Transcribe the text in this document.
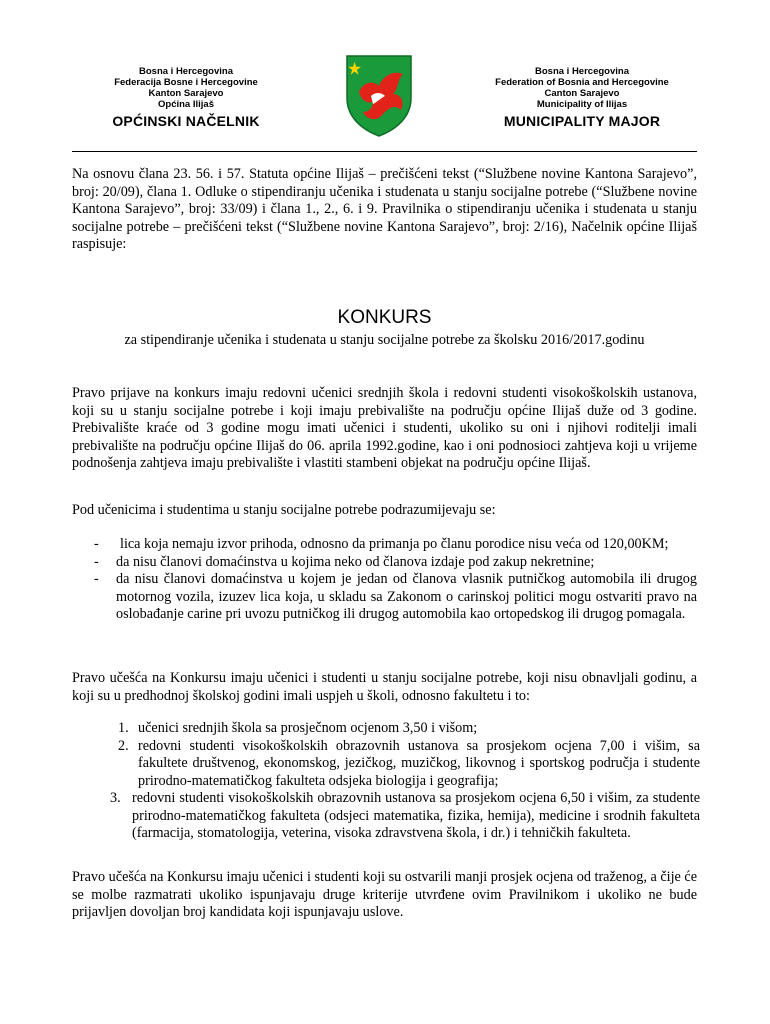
Bosna i Hercegovina
Federacija Bosne i Hercegovine
Kanton Sarajevo
Općina Ilijaš
OPĆINSKI NAČELNIK
Bosna i Hercegovina
Federation of Bosnia and Hercegovine
Canton Sarajevo
Municipality of Ilijas
MUNICIPALITY MAJOR
Na osnovu člana 23. 56. i 57. Statuta općine Ilijaš – prečišćeni tekst (“Službene novine Kantona Sarajevo”, broj: 20/09), člana 1. Odluke o stipendiranju učenika i studenata u stanju socijalne potrebe (“Službene novine Kantona Sarajevo”, broj: 33/09) i člana 1., 2., 6. i 9. Pravilnika o stipendiranju učenika i studenata u stanju socijalne potrebe – prečišćeni tekst (“Službene novine Kantona Sarajevo”, broj: 2/16), Načelnik općine Ilijaš raspisuje:
KONKURS
za stipendiranje učenika i studenata u stanju socijalne potrebe za školsku 2016/2017.godinu
Pravo prijave na konkurs imaju redovni učenici srednjih škola i redovni studenti visokoškolskih ustanova, koji su u stanju socijalne potrebe i koji imaju prebivalište na području općine Ilijaš duže od 3 godine. Prebivalište kraće od 3 godine mogu imati učenici i studenti, ukoliko su oni i njihovi roditelji imali prebivalište na području općine Ilijaš do 06. aprila 1992.godine, kao i oni podnosioci zahtjeva koji u vrijeme podnošenja zahtjeva imaju prebivalište i vlastiti stambeni objekat na području općine Ilijaš.
Pod učenicima i studentima u stanju socijalne potrebe podrazumijevaju se:
- lica koja nemaju izvor prihoda, odnosno da primanja po članu porodice nisu veća od 120,00KM;
- da nisu članovi domaćinstva u kojima neko od članova izdaje pod zakup nekretnine;
- da nisu članovi domaćinstva u kojem je jedan od članova vlasnik putničkog automobila ili drugog motornog vozila, izuzev lica koja, u skladu sa Zakonom o carinskoj politici mogu ostvariti pravo na oslobađanje carine pri uvozu putničkog ili drugog automobila kao ortopedskog ili drugog pomagala.
Pravo učešća na Konkursu imaju učenici i studenti u stanju socijalne potrebe, koji nisu obnavljali godinu, a koji su u predhodnoj školskoj godini imali uspjeh u školi, odnosno fakultetu i to:
1. učenici srednjih škola sa prosječnom ocjenom 3,50 i višom;
2. redovni studenti visokoškolskih obrazovnih ustanova sa prosjekom ocjena 7,00 i višim, sa fakultete društvenog, ekonomskog, jezičkog, muzičkog, likovnog i sportskog područja i studente prirodno-matematičkog fakulteta odsjeka biologija i geografija;
3. redovni studenti visokoškolskih obrazovnih ustanova sa prosjekom ocjena 6,50 i višim, za studente prirodno-matematičkog fakulteta (odsjeci matematika, fizika, hemija), medicine i srodnih fakulteta (farmacija, stomatologija, veterina, visoka zdravstvena škola, i dr.) i tehničkih fakulteta.
Pravo učešća na Konkursu imaju učenici i studenti koji su ostvarili manji prosjek ocjena od traženog, a čije će se molbe razmatrati ukoliko ispunjavaju druge kriterije utvrđene ovim Pravilnikom i ukoliko ne bude prijavljen dovoljan broj kandidata koji ispunjavaju uslove.
